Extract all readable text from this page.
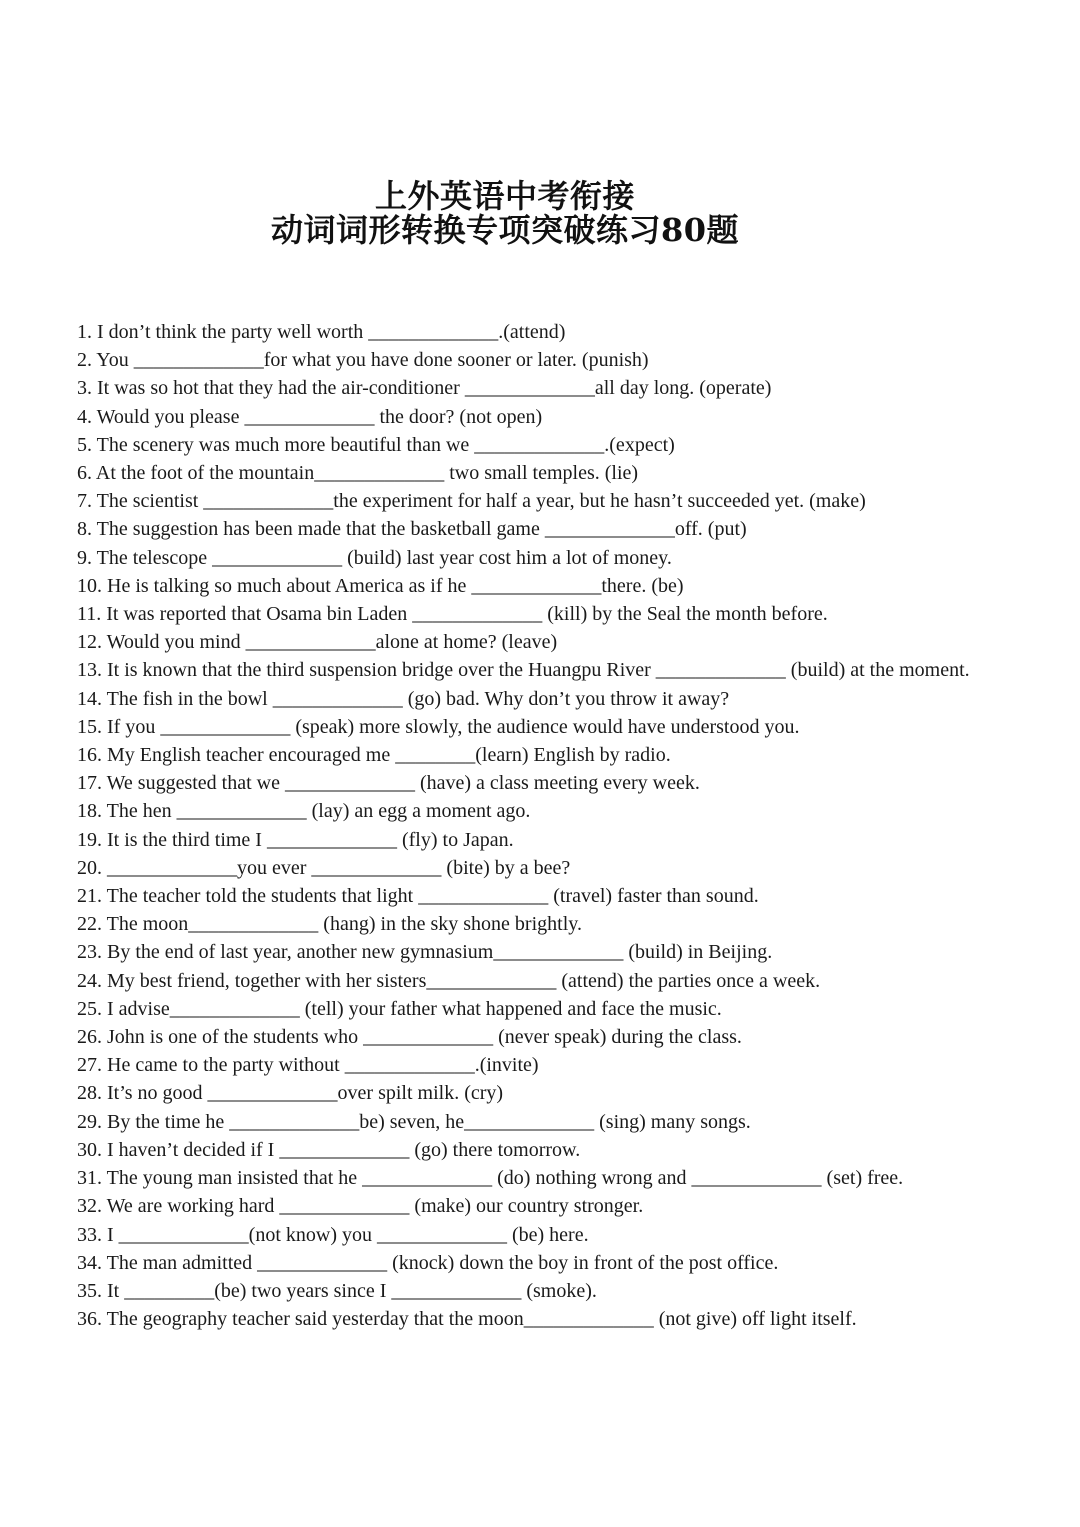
上外英语中考衔接
动词词形转换专项突破练习80题
1. I don’t think the party well worth _____________.(attend)
2. You _____________for what you have done sooner or later. (punish)
3. It was so hot that they had the air-conditioner _____________all day long. (operate)
4. Would you please _____________ the door? (not open)
5. The scenery was much more beautiful than we _____________.(expect)
6. At the foot of the mountain_____________ two small temples. (lie)
7. The scientist _____________the experiment for half a year, but he hasn’t succeeded yet. (make)
8. The suggestion has been made that the basketball game _____________off. (put)
9. The telescope _____________ (build) last year cost him a lot of money.
10. He is talking so much about America as if he _____________there. (be)
11. It was reported that Osama bin Laden _____________ (kill) by the Seal the month before.
12. Would you mind _____________alone at home? (leave)
13. It is known that the third suspension bridge over the Huangpu River _____________ (build) at the moment.
14. The fish in the bowl _____________ (go) bad. Why don’t you throw it away?
15. If you _____________ (speak) more slowly, the audience would have understood you.
16. My English teacher encouraged me ________(learn) English by radio.
17. We suggested that we _____________ (have) a class meeting every week.
18. The hen _____________ (lay) an egg a moment ago.
19. It is the third time I _____________ (fly) to Japan.
20. _____________you ever _____________ (bite) by a bee?
21. The teacher told the students that light _____________ (travel) faster than sound.
22. The moon_____________ (hang) in the sky shone brightly.
23. By the end of last year, another new gymnasium_____________ (build) in Beijing.
24. My best friend, together with her sisters_____________ (attend) the parties once a week.
25. I advise_____________ (tell) your father what happened and face the music.
26. John is one of the students who _____________ (never speak) during the class.
27. He came to the party without _____________.(invite)
28. It’s no good _____________over spilt milk. (cry)
29. By the time he _____________be) seven, he_____________ (sing) many songs.
30. I haven’t decided if I _____________ (go) there tomorrow.
31. The young man insisted that he _____________ (do) nothing wrong and _____________ (set) free.
32. We are working hard _____________ (make) our country stronger.
33. I _____________(not know) you _____________ (be) here.
34. The man admitted _____________ (knock) down the boy in front of the post office.
35. It _________(be) two years since I _____________ (smoke).
36. The geography teacher said yesterday that the moon_____________ (not give) off light itself.
